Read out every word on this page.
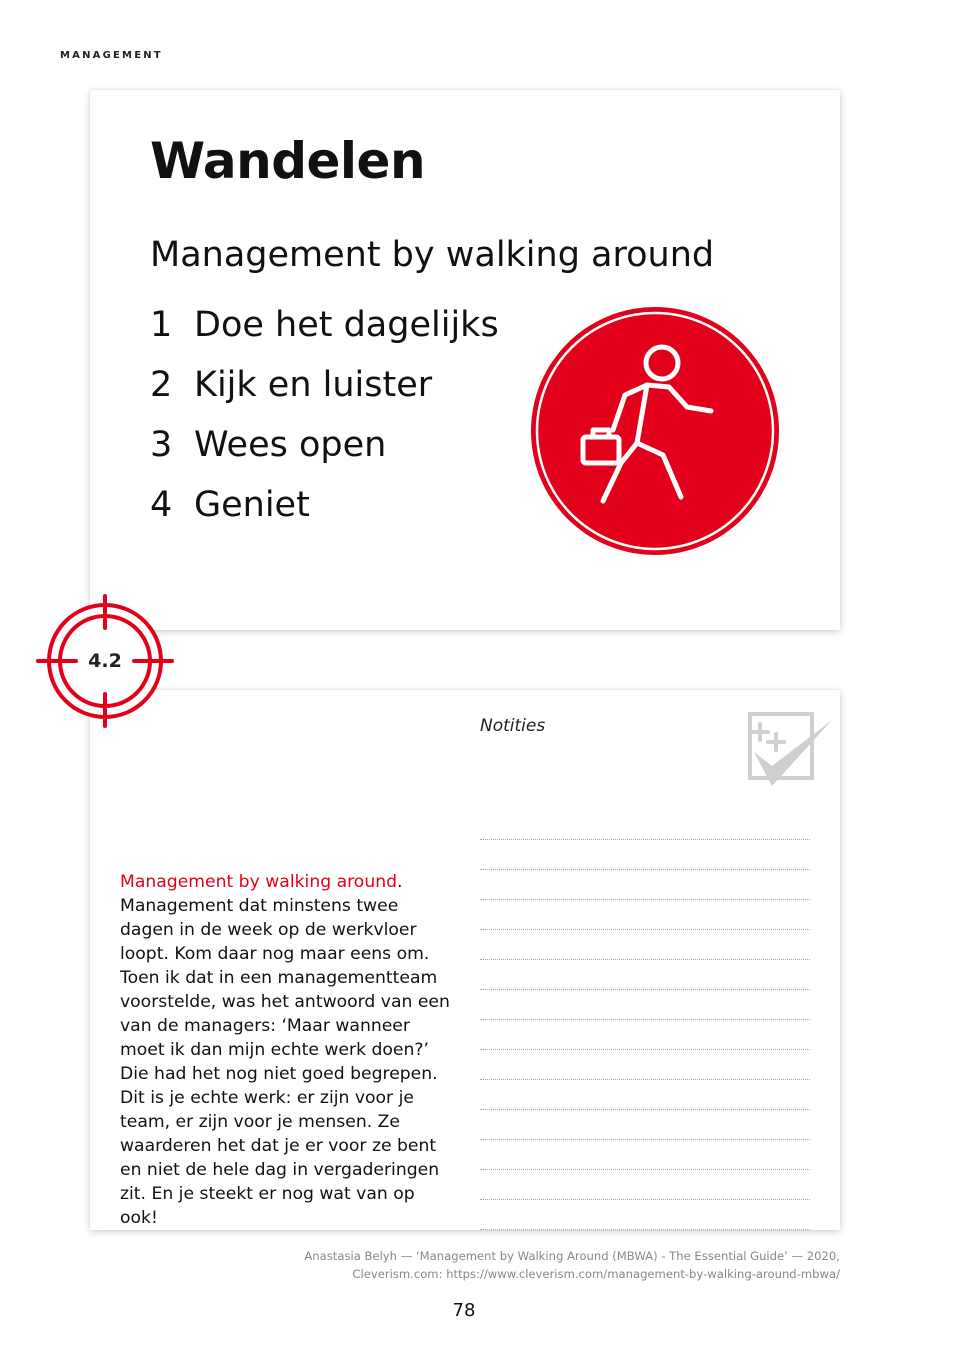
MANAGEMENT
Wandelen
Management by walking around
1 Doe het dagelijks
2 Kijk en luister
3 Wees open
4 Geniet

Management by walking around.
Management dat minstens twee dagen in de week op de werkvloer loopt. Kom daar nog maar eens om. Toen ik dat in een managementteam voorstelde, was het antwoord van een van de managers: ‘Maar wanneer moet ik dan mijn echte werk doen?’ Die had het nog niet goed begrepen. Dit is je echte werk: er zijn voor je team, er zijn voor je mensen. Ze waarderen het dat je er voor ze bent en niet de hele dag in vergaderingen zit. En je steekt er nog wat van op ook!

Notities
4.2
Anastasia Belyh — ‘Management by Walking Around (MBWA) - The Essential Guide’ — 2020,
Cleverism.com: https://www.cleverism.com/management-by-walking-around-mbwa/
78
